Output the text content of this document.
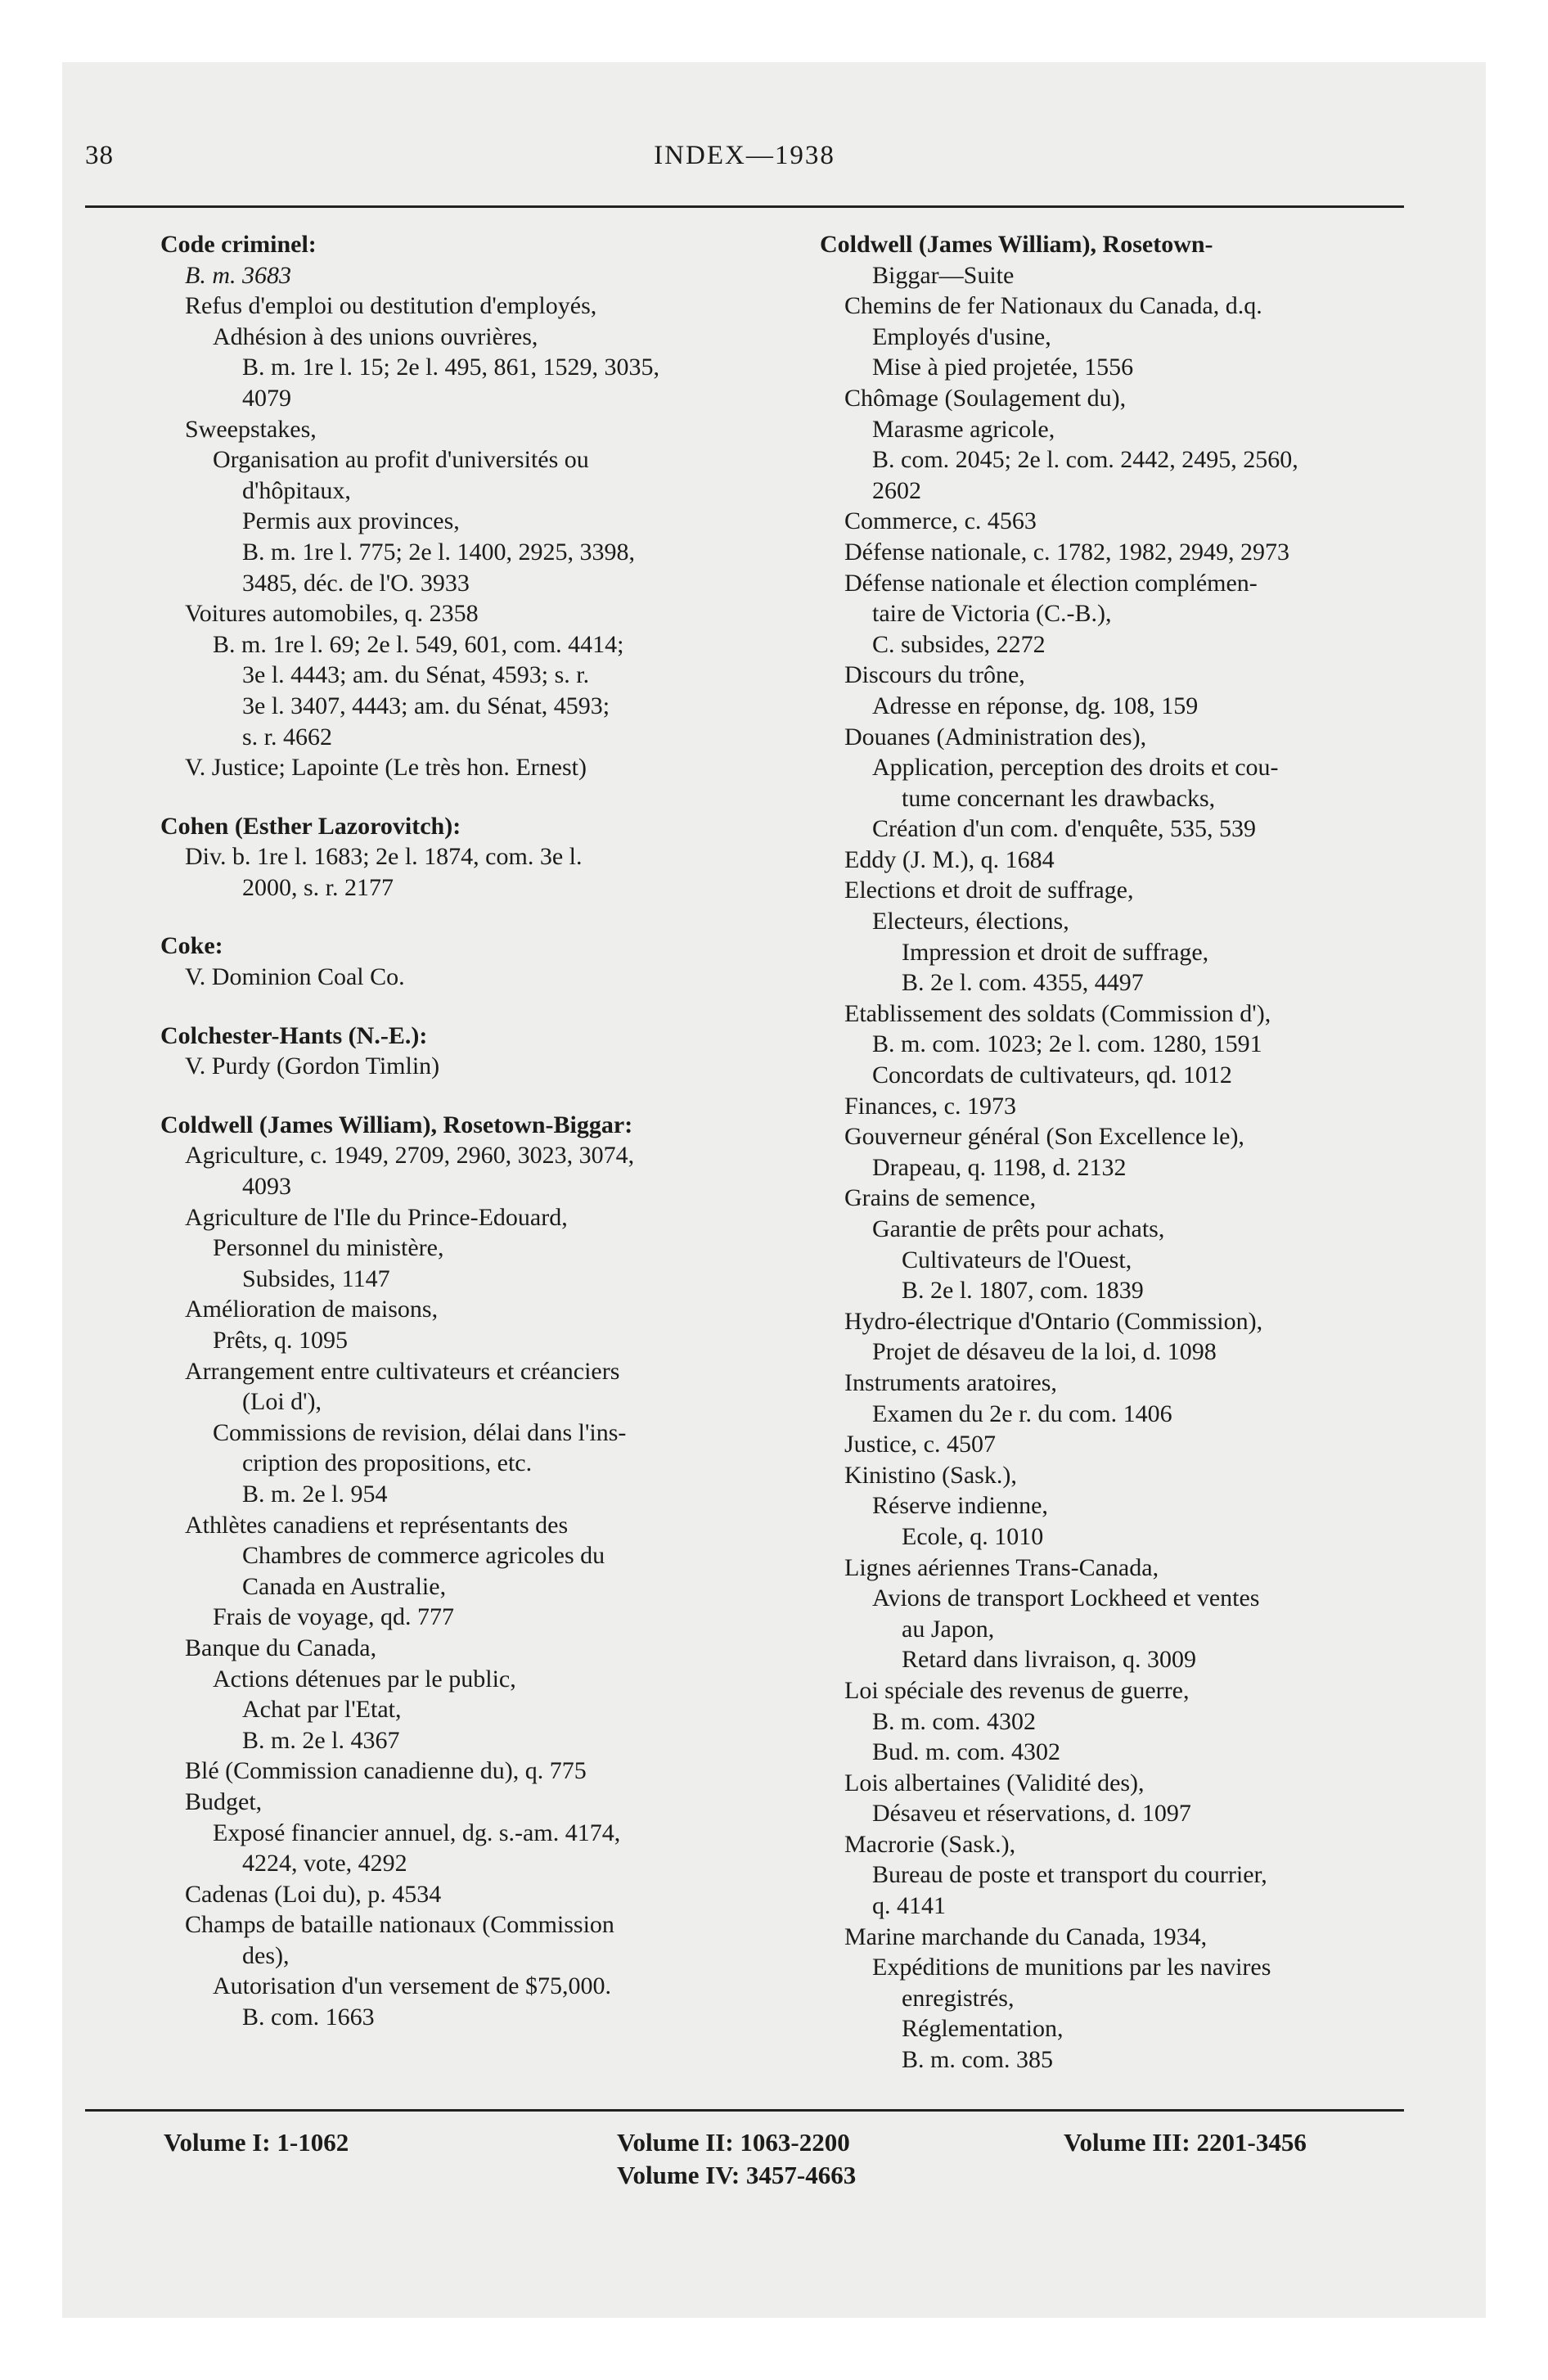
38	INDEX—1938
Code criminel:
B. m. 3683
Refus d'emploi ou destitution d'employés,
Adhésion à des unions ouvrières,
B. m. 1re l. 15; 2e l. 495, 861, 1529, 3035,
4079
Sweepstakes,
Organisation au profit d'universités ou
d'hôpitaux,
Permis aux provinces,
B. m. 1re l. 775; 2e l. 1400, 2925, 3398,
3485, déc. de l'O. 3933
Voitures automobiles, q. 2358
B. m. 1re l. 69; 2e l. 549, 601, com. 4414;
3e l. 4443; am. du Sénat, 4593; s. r.
3e l. 3407, 4443; am. du Sénat, 4593;
s. r. 4662
V. Justice; Lapointe (Le très hon. Ernest)
Cohen (Esther Lazorovitch):
Div. b. 1re l. 1683; 2e l. 1874, com. 3e l.
2000, s. r. 2177
Coke:
V. Dominion Coal Co.
Colchester-Hants (N.-E.):
V. Purdy (Gordon Timlin)
Coldwell (James William), Rosetown-Biggar:
Agriculture, c. 1949, 2709, 2960, 3023, 3074,
4093
Agriculture de l'Ile du Prince-Edouard,
Personnel du ministère,
Subsides, 1147
Amélioration de maisons,
Prêts, q. 1095
Arrangement entre cultivateurs et créanciers
(Loi d'),
Commissions de revision, délai dans l'ins-
cription des propositions, etc.
B. m. 2e l. 954
Athlètes canadiens et représentants des
Chambres de commerce agricoles du
Canada en Australie,
Frais de voyage, qd. 777
Banque du Canada,
Actions détenues par le public,
Achat par l'Etat,
B. m. 2e l. 4367
Blé (Commission canadienne du), q. 775
Budget,
Exposé financier annuel, dg. s.-am. 4174,
4224, vote, 4292
Cadenas (Loi du), p. 4534
Champs de bataille nationaux (Commission
des),
Autorisation d'un versement de $75,000.
B. com. 1663
Coldwell (James William), Rosetown-
Biggar—Suite
Chemins de fer Nationaux du Canada, d.q.
Employés d'usine,
Mise à pied projetée, 1556
Chômage (Soulagement du),
Marasme agricole,
B. com. 2045; 2e l. com. 2442, 2495, 2560,
2602
Commerce, c. 4563
Défense nationale, c. 1782, 1982, 2949, 2973
Défense nationale et élection complémen-
taire de Victoria (C.-B.),
C. subsides, 2272
Discours du trône,
Adresse en réponse, dg. 108, 159
Douanes (Administration des),
Application, perception des droits et cou-
tume concernant les drawbacks,
Création d'un com. d'enquête, 535, 539
Eddy (J. M.), q. 1684
Elections et droit de suffrage,
Electeurs, élections,
Impression et droit de suffrage,
B. 2e l. com. 4355, 4497
Etablissement des soldats (Commission d'),
B. m. com. 1023; 2e l. com. 1280, 1591
Concordats de cultivateurs, qd. 1012
Finances, c. 1973
Gouverneur général (Son Excellence le),
Drapeau, q. 1198, d. 2132
Grains de semence,
Garantie de prêts pour achats,
Cultivateurs de l'Ouest,
B. 2e l. 1807, com. 1839
Hydro-électrique d'Ontario (Commission),
Projet de désaveu de la loi, d. 1098
Instruments aratoires,
Examen du 2e r. du com. 1406
Justice, c. 4507
Kinistino (Sask.),
Réserve indienne,
Ecole, q. 1010
Lignes aériennes Trans-Canada,
Avions de transport Lockheed et ventes
au Japon,
Retard dans livraison, q. 3009
Loi spéciale des revenus de guerre,
B. m. com. 4302
Bud. m. com. 4302
Lois albertaines (Validité des),
Désaveu et réservations, d. 1097
Macrorie (Sask.),
Bureau de poste et transport du courrier,
q. 4141
Marine marchande du Canada, 1934,
Expéditions de munitions par les navires
enregistrés,
Réglementation,
B. m. com. 385
Volume I: 1-1062	Volume II: 1063-2200
Volume IV: 3457-4663
Volume III: 2201-3456
